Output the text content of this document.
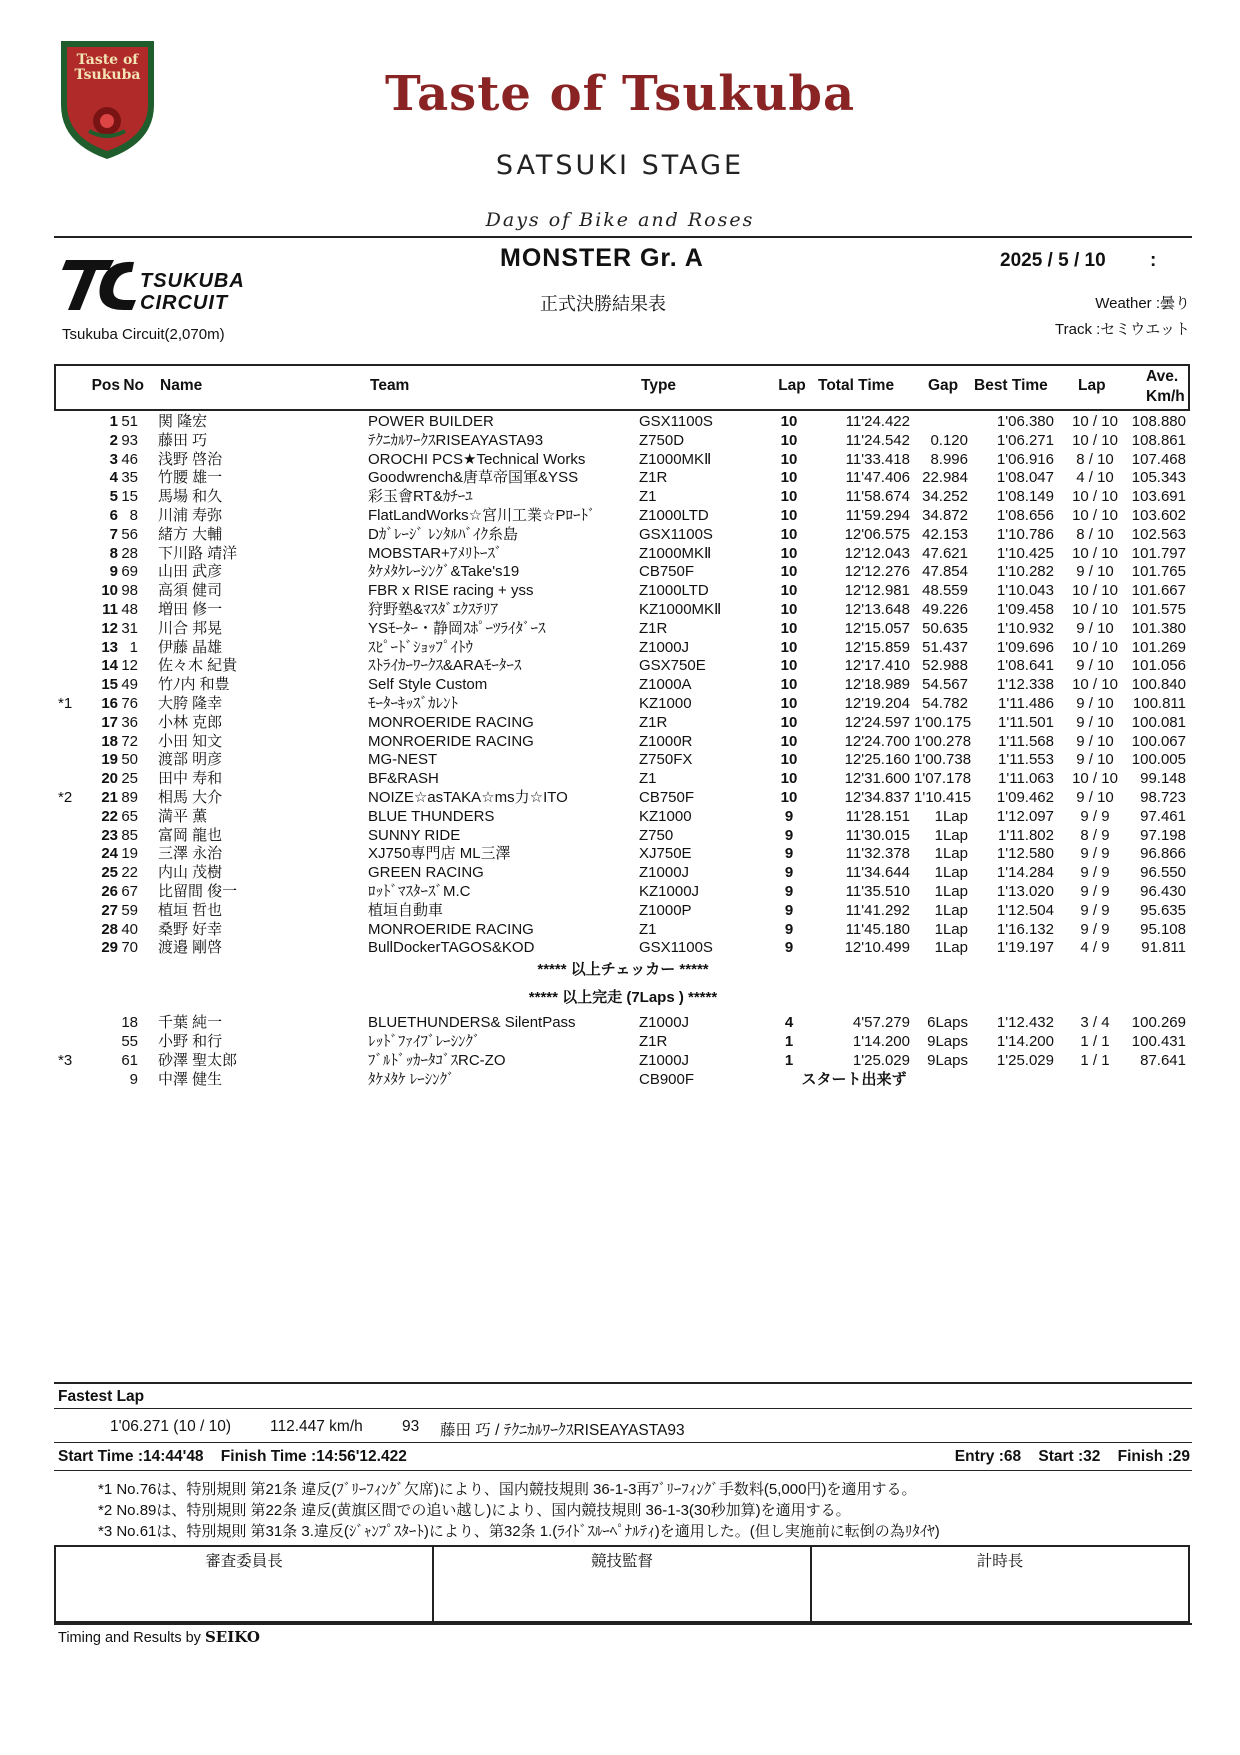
Taste of Tsukuba	Taste of Tsukuba
SATSUKI STAGE
Days of Bike and Roses
TSUKUBA CIRCUIT
Tsukuba Circuit(2,070m)
MONSTER Gr. A	2025 / 5 / 10 :
正式決勝結果表	Weather :曇り
Track :セミウエット
Pos No Name	Team	Type	Lap Total Time Gap Best Time Lap
Ave.
Km/h
1 51 関 隆宏	POWER BUILDER	GSX1100S	10	11'24.422	1'06.380	10 / 10 108.880
2 93 藤田 巧	ﾃｸﾆｶﾙﾜｰｸｽRISEAYASTA93	Z750D	10	11'24.542	0.120	1'06.271	10 / 10 108.861
3 46 浅野 啓治	OROCHI PCS★Technical Works	Z1000MKⅡ	10	11'33.418	8.996	1'06.916	8 / 10	107.468
4 35 竹腰 雄一	Goodwrench&唐草帝国軍&YSS	Z1R	10	11'47.406 22.984	1'08.047	4 / 10	105.343
5 15 馬場 和久	彩玉會RT&ｶﾁｰﾕ	Z1	10	11'58.674 34.252	1'08.149	10 / 10 103.691
6 8 川浦 寿弥	FlatLandWorks☆宮川工業☆Pﾛｰﾄﾞ	Z1000LTD	10	11'59.294 34.872	1'08.656	10 / 10 103.602
7 56 緒方 大輔	Dｶﾞﾚｰｼﾞ ﾚﾝﾀﾙﾊﾞｲｸ糸島	GSX1100S	10	12'06.575 42.153	1'10.786	8 / 10	102.563
8 28 下川路 靖洋	MOBSTAR+ｱﾒﾘﾄｰｽﾞ	Z1000MKⅡ	10	12'12.043 47.621	1'10.425	10 / 10 101.797
9 69 山田 武彦	ﾀｹﾒﾀｹﾚｰｼﾝｸﾞ&Take's19	CB750F	10	12'12.276 47.854	1'10.282	9 / 10	101.765
10 98 高須 健司	FBR x RISE racing + yss	Z1000LTD	10	12'12.981 48.559	1'10.043	10 / 10 101.667
11 48 増田 修一	狩野塾&ﾏｽﾀﾞｴｸｽﾃﾘｱ	KZ1000MKⅡ	10	12'13.648 49.226	1'09.458	10 / 10 101.575
12 31 川合 邦晃	YSﾓｰﾀｰ・静岡ｽﾎﾟｰﾂﾗｲﾀﾞｰｽ	Z1R	10	12'15.057 50.635	1'10.932	9 / 10	101.380
13 1 伊藤 晶雄	ｽﾋﾟｰﾄﾞｼｮｯﾌﾟｲﾄｳ	Z1000J	10	12'15.859 51.437	1'09.696	10 / 10 101.269
14 12 佐々木 紀貴	ｽﾄﾗｲｶｰﾜｰｸｽ&ARAﾓｰﾀｰｽ	GSX750E	10	12'17.410 52.988	1'08.641	9 / 10	101.056
15 49 竹ﾉ内 和豊	Self Style Custom	Z1000A	10	12'18.989 54.567	1'12.338	10 / 10 100.840
*1	16 76 大胯 隆幸	ﾓｰﾀｰｷｯｽﾞｶﾚﾝﾄ	KZ1000	10	12'19.204 54.782	1'11.486	9 / 10	100.811
17 36 小林 克郎	MONROERIDE RACING	Z1R	10	12'24.597 1'00.175	1'11.501	9 / 10	100.081
18 72 小田 知文	MONROERIDE RACING	Z1000R	10	12'24.700 1'00.278	1'11.568	9 / 10	100.067
19 50 渡部 明彦	MG-NEST	Z750FX	10	12'25.160 1'00.738	1'11.553	9 / 10	100.005
20 25 田中 寿和	BF&RASH	Z1	10	12'31.600 1'07.178	1'11.063	10 / 10	99.148
*2	21 89 相馬 大介	NOIZE☆asTAKA☆ms力☆ITO	CB750F	10	12'34.837 1'10.415	1'09.462	9 / 10	98.723
22 65 満平 薫	BLUE THUNDERS	KZ1000	9	11'28.151	1Lap	1'12.097	9 / 9	97.461
23 85 富岡 龍也	SUNNY RIDE	Z750	9	11'30.015	1Lap	1'11.802	8 / 9	97.198
24 19 三澤 永治	XJ750専門店 ML三澤	XJ750E	9	11'32.378	1Lap	1'12.580	9 / 9	96.866
25 22 内山 茂樹	GREEN RACING	Z1000J	9	11'34.644	1Lap	1'14.284	9 / 9	96.550
26 67 比留間 俊一	ﾛｯﾄﾞﾏｽﾀｰｽﾞM.C	KZ1000J	9	11'35.510	1Lap	1'13.020	9 / 9	96.430
27 59 植垣 哲也	植垣自動車	Z1000P	9	11'41.292	1Lap	1'12.504	9 / 9	95.635
28 40 桑野 好幸	MONROERIDE RACING	Z1	9	11'45.180	1Lap	1'16.132	9 / 9	95.108
29 70 渡邉 剛啓	BullDockerTAGOS&KOD	GSX1100S	9	12'10.499	1Lap	1'19.197	4 / 9	91.811
***** 以上チェッカー *****
***** 以上完走 (7Laps ) *****
18 千葉 純一	BLUETHUNDERS& SilentPass	Z1000J	4	4'57.279	6Laps	1'12.432	3 / 4	100.269
55 小野 和行	ﾚｯﾄﾞﾌｧｲﾌﾞﾚｰｼﾝｸﾞ	Z1R	1	1'14.200	9Laps	1'14.200	1 / 1	100.431
*3	61 砂澤 聖太郎	ﾌﾞﾙﾄﾞｯｶｰﾀｺﾞｽRC-ZO	Z1000J	1	1'25.029	9Laps	1'25.029	1 / 1	87.641
9 中澤 健生	ﾀｹﾒﾀｹ ﾚｰｼﾝｸﾞ	CB900F	スタート出来ず
Fastest Lap
1'06.271 (10 / 10)	112.447 km/h	93 藤田 巧 / ﾃｸﾆｶﾙﾜｰｸｽRISEAYASTA93
Start Time :14:44'48 Finish Time :14:56'12.422	Entry :68 Start :32 Finish :29
*1 No.76は、特別規則 第21条 違反(ﾌﾞﾘｰﾌｨﾝｸﾞ欠席)により、国内競技規則 36-1-3再ﾌﾞﾘｰﾌｨﾝｸﾞ手数料(5,000円)を適用する。
*2 No.89は、特別規則 第22条 違反(黄旗区間での追い越し)により、国内競技規則 36-1-3(30秒加算)を適用する。
*3 No.61は、特別規則 第31条 3.違反(ｼﾞｬﾝﾌﾟｽﾀｰﾄ)により、第32条 1.(ﾗｲﾄﾞｽﾙｰﾍﾟﾅﾙﾃｨ)を適用した。(但し実施前に転倒の為ﾘﾀｲﾔ)
審査委員長	競技監督	計時長
Timing and Results by SEIKO
